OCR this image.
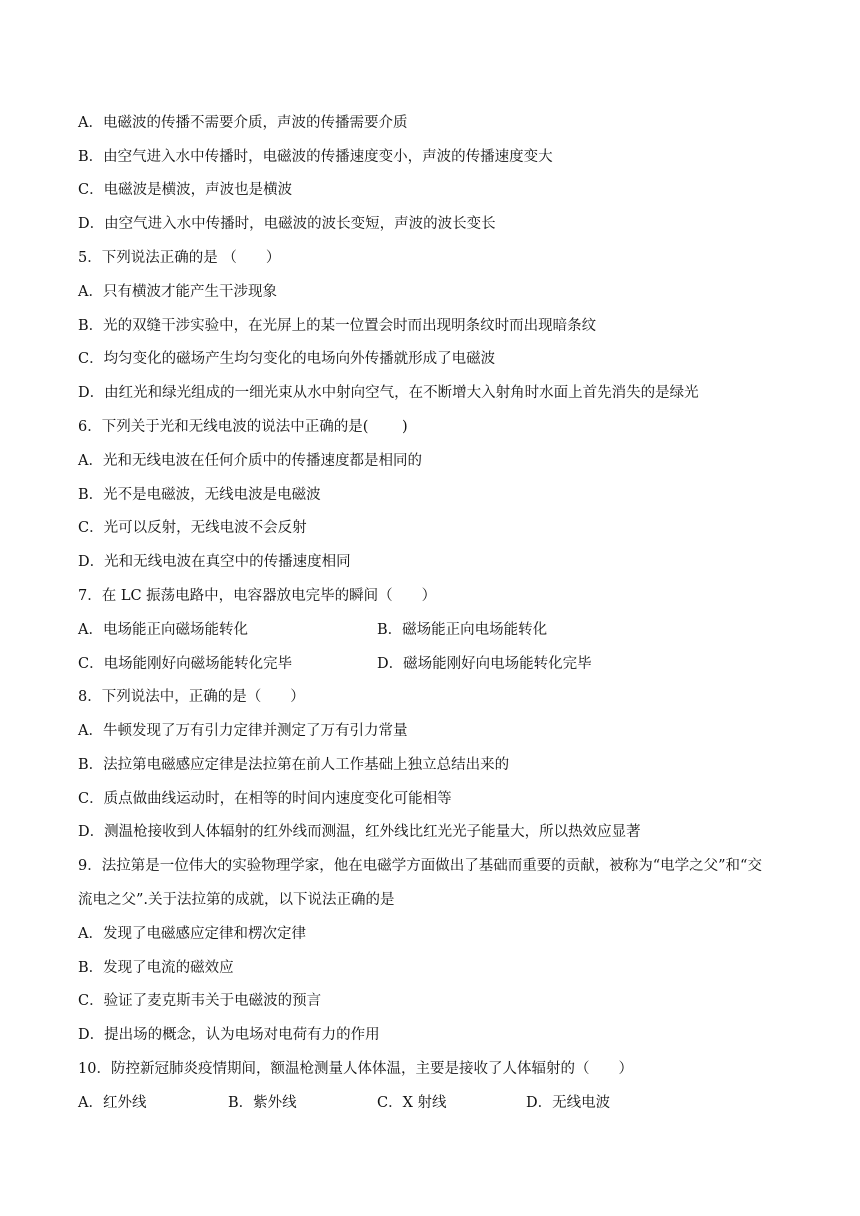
A．电磁波的传播不需要介质，声波的传播需要介质
B．由空气进入水中传播时，电磁波的传播速度变小，声波的传播速度变大
C．电磁波是横波，声波也是横波
D．由空气进入水中传播时，电磁波的波长变短，声波的波长变长
5．下列说法正确的是 （　　）
A．只有横波才能产生干涉现象
B．光的双缝干涉实验中，在光屏上的某一位置会时而出现明条纹时而出现暗条纹
C．均匀变化的磁场产生均匀变化的电场向外传播就形成了电磁波
D．由红光和绿光组成的一细光束从水中射向空气，在不断增大入射角时水面上首先消失的是绿光
6．下列关于光和无线电波的说法中正确的是(　　 )
A．光和无线电波在任何介质中的传播速度都是相同的
B．光不是电磁波，无线电波是电磁波
C．光可以反射，无线电波不会反射
D．光和无线电波在真空中的传播速度相同
7．在 LC 振荡电路中，电容器放电完毕的瞬间（　　）
A．电场能正向磁场能转化	B．磁场能正向电场能转化
C．电场能刚好向磁场能转化完毕	D．磁场能刚好向电场能转化完毕
8．下列说法中，正确的是（　　）
A．牛顿发现了万有引力定律并测定了万有引力常量
B．法拉第电磁感应定律是法拉第在前人工作基础上独立总结出来的
C．质点做曲线运动时，在相等的时间内速度变化可能相等
D．测温枪接收到人体辐射的红外线而测温，红外线比红光光子能量大，所以热效应显著
9．法拉第是一位伟大的实验物理学家，他在电磁学方面做出了基础而重要的贡献，被称为“电学之父”和“交
流电之父”.关于法拉第的成就，以下说法正确的是
A．发现了电磁感应定律和楞次定律
B．发现了电流的磁效应
C．验证了麦克斯韦关于电磁波的预言
D．提出场的概念，认为电场对电荷有力的作用
10．防控新冠肺炎疫情期间，额温枪测量人体体温，主要是接收了人体辐射的（　　）
A．红外线	B．紫外线	C．X 射线	D．无线电波
